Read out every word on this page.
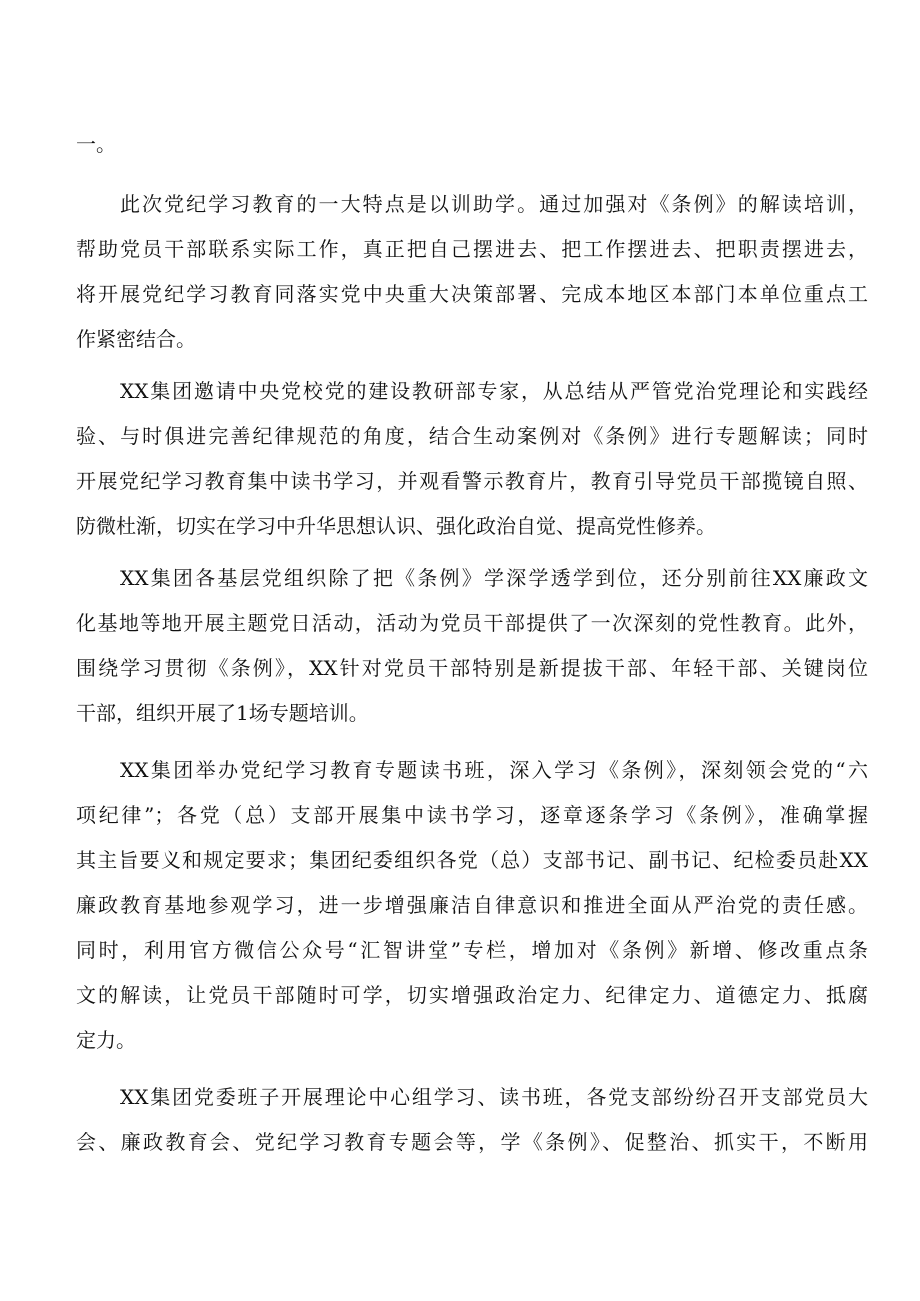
一。
此次党纪学习教育的一大特点是以训助学。通过加强对《条例》的解读培训，
帮助党员干部联系实际工作，真正把自己摆进去、把工作摆进去、把职责摆进去，
将开展党纪学习教育同落实党中央重大决策部署、完成本地区本部门本单位重点工
作紧密结合。
XX集团邀请中央党校党的建设教研部专家，从总结从严管党治党理论和实践经
验、与时俱进完善纪律规范的角度，结合生动案例对《条例》进行专题解读；同时
开展党纪学习教育集中读书学习，并观看警示教育片，教育引导党员干部揽镜自照、
防微杜渐，切实在学习中升华思想认识、强化政治自觉、提高党性修养。
XX集团各基层党组织除了把《条例》学深学透学到位，还分别前往XX廉政文
化基地等地开展主题党日活动，活动为党员干部提供了一次深刻的党性教育。此外，
围绕学习贯彻《条例》，XX针对党员干部特别是新提拔干部、年轻干部、关键岗位
干部，组织开展了1场专题培训。
XX集团举办党纪学习教育专题读书班，深入学习《条例》，深刻领会党的“六
项纪律”；各党（总）支部开展集中读书学习，逐章逐条学习《条例》，准确掌握
其主旨要义和规定要求；集团纪委组织各党（总）支部书记、副书记、纪检委员赴XX
廉政教育基地参观学习，进一步增强廉洁自律意识和推进全面从严治党的责任感。
同时，利用官方微信公众号“汇智讲堂”专栏，增加对《条例》新增、修改重点条
文的解读，让党员干部随时可学，切实增强政治定力、纪律定力、道德定力、抵腐
定力。
XX集团党委班子开展理论中心组学习、读书班，各党支部纷纷召开支部党员大
会、廉政教育会、党纪学习教育专题会等，学《条例》、促整治、抓实干，不断用
